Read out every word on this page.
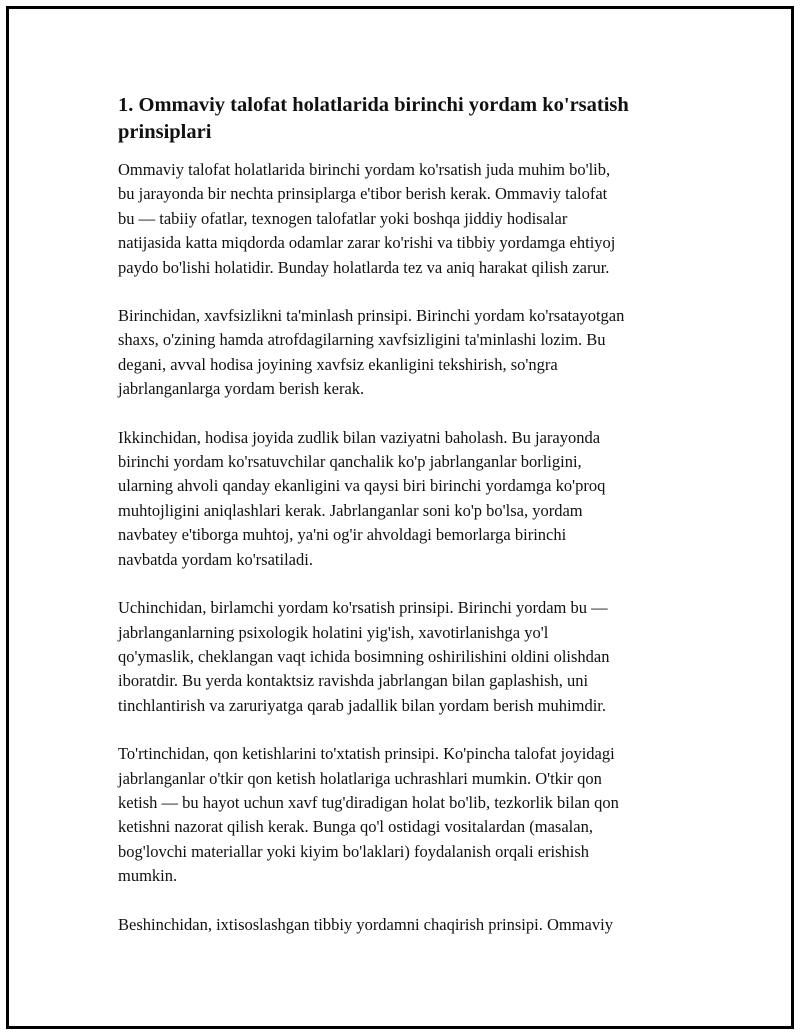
1. Ommaviy talofat holatlarida birinchi yordam ko'rsatish
prinsiplari

Ommaviy talofat holatlarida birinchi yordam ko'rsatish juda muhim bo'lib,
bu jarayonda bir nechta prinsiplarga e'tibor berish kerak. Ommaviy talofat
bu — tabiiy ofatlar, texnogen talofatlar yoki boshqa jiddiy hodisalar
natijasida katta miqdorda odamlar zarar ko'rishi va tibbiy yordamga ehtiyoj
paydo bo'lishi holatidir. Bunday holatlarda tez va aniq harakat qilish zarur.

Birinchidan, xavfsizlikni ta'minlash prinsipi. Birinchi yordam ko'rsatayotgan
shaxs, o'zining hamda atrofdagilarning xavfsizligini ta'minlashi lozim. Bu
degani, avval hodisa joyining xavfsiz ekanligini tekshirish, so'ngra
jabrlanganlarga yordam berish kerak.

Ikkinchidan, hodisa joyida zudlik bilan vaziyatni baholash. Bu jarayonda
birinchi yordam ko'rsatuvchilar qanchalik ko'p jabrlanganlar borligini,
ularning ahvoli qanday ekanligini va qaysi biri birinchi yordamga ko'proq
muhtojligini aniqlashlari kerak. Jabrlanganlar soni ko'p bo'lsa, yordam
navbatey e'tiborga muhtoj, ya'ni og'ir ahvoldagi bemorlarga birinchi
navbatda yordam ko'rsatiladi.

Uchinchidan, birlamchi yordam ko'rsatish prinsipi. Birinchi yordam bu —
jabrlanganlarning psixologik holatini yig'ish, xavotirlanishga yo'l
qo'ymaslik, cheklangan vaqt ichida bosimning oshirilishini oldini olishdan
iboratdir. Bu yerda kontaktsiz ravishda jabrlangan bilan gaplashish, uni
tinchlantirish va zaruriyatga qarab jadallik bilan yordam berish muhimdir.

To'rtinchidan, qon ketishlarini to'xtatish prinsipi. Ko'pincha talofat joyidagi
jabrlanganlar o'tkir qon ketish holatlariga uchrashlari mumkin. O'tkir qon
ketish — bu hayot uchun xavf tug'diradigan holat bo'lib, tezkorlik bilan qon
ketishni nazorat qilish kerak. Bunga qo'l ostidagi vositalardan (masalan,
bog'lovchi materiallar yoki kiyim bo'laklari) foydalanish orqali erishish
mumkin.

Beshinchidan, ixtisoslashgan tibbiy yordamni chaqirish prinsipi. Ommaviy
